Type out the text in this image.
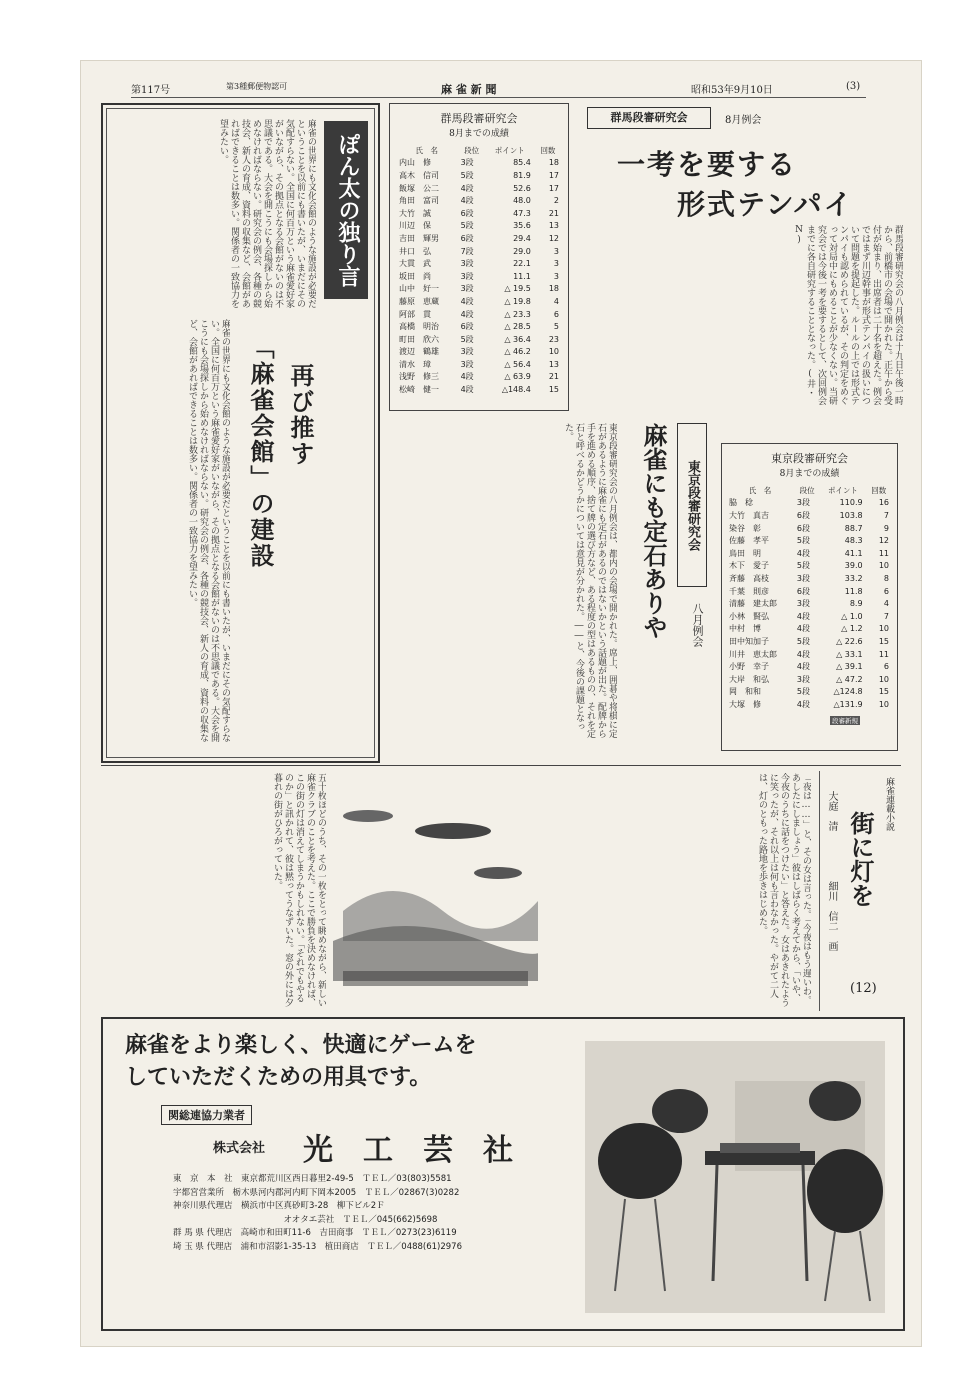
第117号	第3種郵便物認可	麻 雀 新 聞	昭和53年9月10日	(3)
ぽん太の独り言
麻雀の世界にも文化会館のような施設が必要だということを以前にも書いたが、いまだにその気配すらない。全国に何百万という麻雀愛好家がいながら、その拠点となる会館がないのは不思議である。大会を開こうにも会場探しから始めなければならない。研究会の例会、各種の競技会、新人の育成、資料の収集など、会館があればできることは数多い。関係者の一致協力を望みたい。
再び推す
「麻雀会館」の建設
麻雀の世界にも文化会館のような施設が必要だということを以前にも書いたが、いまだにその気配すらない。全国に何百万という麻雀愛好家がいながら、その拠点となる会館がないのは不思議である。大会を開こうにも会場探しから始めなければならない。研究会の例会、各種の競技会、新人の育成、資料の収集など、会館があればできることは数多い。関係者の一致協力を望みたい。
群馬段審研究会
8月までの成績
氏　名	段位	ポイント	回数
内山　修	3段	85.4	18
高木　信司	5段	81.9	17
飯塚　公二	4段	52.6	17
角田　富司	4段	48.0	2
大竹　誠	6段	47.3	21
川辺　保	5段	35.6	13
吉田　輝男	6段	29.4	12
井口　弘	7段	29.0	3
大貫　武	3段	22.1	3
坂田　尚	3段	11.1	3
山中　好一	3段	△ 19.5	18
藤原　恵蔵	4段	△ 19.8	4
阿部　貫	4段	△ 23.3	6
高橋　明治	6段	△ 28.5	5
町田　欣六	5段	△ 36.4	23
渡辺　鶴雄	3段	△ 46.2	10
清水　璋	3段	△ 56.4	13
浅野　修三	4段	△ 63.9	21
松崎　健一	4段	△148.4	15
群馬段審研究会	8月例会
一考を要する
形式テンパイ
群馬段審研究会の八月例会は十九日午後一時から、前橋市の会場で開かれた。正午から受付が始まり、出席者は二十名を超えた。例会ではまず川辺幹事が形式テンパイの扱いについて問題を提起した。ルールの上では形式テンパイも認められているが、その判定をめぐって対局中にもめることが少なくない。当研究会では今後一考を要するとして、次回例会までに各自研究することとなった。(井・N)
東京段審研究会の八月例会は、都内の会場で開かれた。席上、囲碁や将棋に定石があるように麻雀にも定石があるのではないかという話題が出た。配牌から手を進める順序、捨て牌の選び方など、ある程度の型はあるものの、それを定石と呼べるかどうかについては意見が分かれた。――と、今後の課題となった。	麻雀にも定石ありや	東京段審研究会
八月例会
東京段審研究会
8月までの成績
氏　名	段位	ポイント	回数
脇　稔	3段	110.9	16
大竹　真吉	6段	103.8	7
染谷　彰	6段	88.7	9
佐藤　孝平	5段	48.3	12
鳥田　明	4段	41.1	11
木下　愛子	5段	39.0	10
斉藤　高枝	3段	33.2	8
千葉　則彦	6段	11.8	6
清藤　建太郎	3段	8.9	4
小林　賢弘	4段	△ 1.0	7
中村　博	4段	△ 1.2	10
田中知加子	5段	△ 22.6	15
川井　恵太郎	4段	△ 33.1	11
小野　幸子	4段	△ 39.1	6
大岸　和弘	3段	△ 47.2	10
岡　和和	5段	△124.8	15
大塚　修	4段	△131.9	10
段審新規
五十枚ほどのうち、その一枚をとって眺めながら、新しい麻雀クラブのことを考えた。ここで勝負を決めなければ、この街の灯は消えてしまうかもしれない。「それでもやるのか」と訊かれて、彼は黙ってうなずいた。窓の外には夕暮れの街がひろがっていた。	「夜は……」と、その女は言った。「今夜はもう遅いわ。あしたにしましょう」彼はしばらく考えてから、「いや、今夜のうちに話をつけたい」と答えた。女はあきれたように笑ったが、それ以上は何も言わなかった。やがて二人は、灯のともった路地を歩きはじめた。	麻雀連載小説
街に灯を
大庭　清
細川　信二　画
(12)
麻雀をより楽しく、快適にゲームを
していただくための用具です。
関総連協力業者
株式会社 光　工　芸　社
東　京　本　社　東京都荒川区西日暮里2-49-5　ＴＥＬ／03(803)5581
宇都宮営業所　栃木県河内郡河内町下岡本2005　ＴＥＬ／02867(3)0282
神奈川県代理店　横浜市中区真砂町3-28　柳下ビル2Ｆ
　　　　　　　　　　　　　オオタエ芸社　ＴＥＬ／045(662)5698
群 馬 県 代理店　高崎市和田町11-6　吉田商事　ＴＥＬ／0273(23)6119
埼 玉 県 代理店　浦和市沼影1-35-13　植田商店　ＴＥＬ／0488(61)2976
